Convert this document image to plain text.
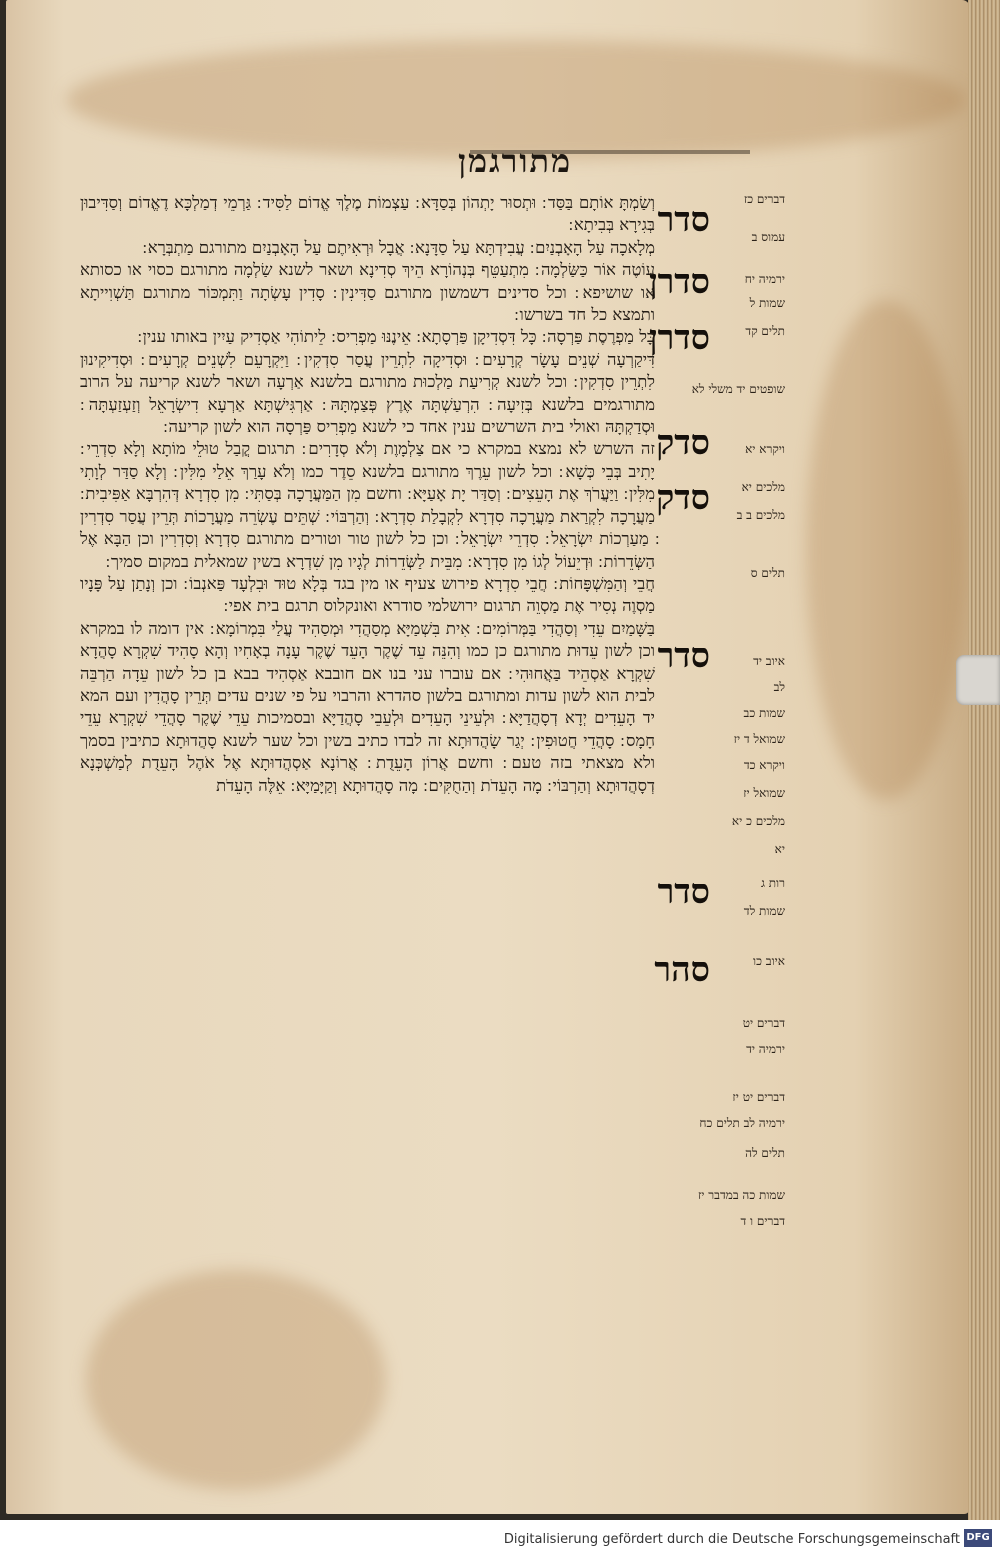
מתורגמן
סדר
סדרן
סדרן
סדק
סדק
סדר
סדר
סהר

וְשַׂמְתָּ אוֹתָם בַּסַּד ׃ וּתְסוּר יָתְהוֹן בְּסַדָּא ׃ עַצְמוֹת מֶלֶךְ אֱדוֹם לַסִּיד ׃ גַּרְמֵי דְמַלְכָּא דֶאֱדוֹם וְסַדִּיבוּן בְּגִירָא בְּבִיתָא ׃

מְלָאכָה עַל הָאָבְנַיִם ׃ עֲבִידְתָּא עַל סַדָּנָא ׃ אֲבָל וּרְאִיתֶם עַל הָאָבְנַיִם מתורגם מַתְבְּרָא ׃

עוֹטֶה אוֹר כַּשַּׂלְמָה ׃ מִתְעַטֵּף בְּנְהוֹרָא הֵיךְ סְדִינָא ושאר לשנא שַׂלְמָה מתורגם כסוי או כסותא או שושיפא ׃ וכל סדינים דשמשון מתורגם סַדִּינִין ׃ סָדִין עָשְׂתָה וַתִּמְכּוֹר מתורגם תַּשְׁוִייתָא ותמצא כל חד בשרשו ׃

כָּל מַפְרֶסֶת פַּרְסָה ׃ כָּל דִּסְדִיקָן פַּרְסָתָא ׃ אֵינֶנּוּ מַפְרִיס ׃ לֵיתוֹהִי אַסְדִיק עַיִין באותו ענין ׃

דִּיקַרְעָה שְׁנֵים עָשָׂר קְרָעִים ׃ וּסְדִיקָה לִתְרֵין עֲסַר סִדְקִין ׃ וַיִּקְרָעֵם לִשְׁנֵים קְרָעִים ׃ וּסְדִיקִינוּן לִתְרֵין סִדְקִין ׃ וכל לשנא קְרִיעַת מַלְכוּת מתורגם בלשנא אַרְעָה ושאר לשנא קריעה על הרוב מתורגמים בלשנא בְּזִיעָה ׃ הִרְעַשְׁתָּה אֶרֶץ פְּצַמְתָּהּ ׃ אַרְגִּישְׁתָּא אַרְעָא דִישְׂרָאֵל וְזַעְזַעְתָּה ׃ וּסְדַקְתָּהּ ואולי בית השרשים ענין אחד כי לשנא מַפְרִיס פַּרְסָה הוא לשון קריעה ׃

זה השרש לא נמצא במקרא כי אם צַלְמָוֶת וְלֹא סְדָרִים ׃ תרגום קֳבַל טוּלֵי מוֹתָא וְלָא סִדְרֵי ׃ יָתִיב בְּבֵי כְּשָׁא ׃ וכל לשון עֵרֶךְ מתורגם בלשנא סֵדֶר כמו וְלֹא עָרַךְ אֵלַי מִלִּין ׃ וְלָא סַדַּר לְוָתִי מִלִּין ׃ וַיַּעֲרֹךְ אֶת הָעֵצִים ׃ וְסַדַּר יָת אָעַיָּא ׃ וחשם מִן הַמַּעֲרָכָה בְּסַתִּי ׃ מִן סִדְרָא דְּהִרְבָּא אַפִּיבִית ׃ מַעֲרָכָה לִקְרַאת מַעֲרָכָה סִדְרָא לִקְבָלַת סִדְרָא ׃ וְהַרְבּוֹי ׃ שְׁתֵּים עֶשְׂרֵה מַעֲרָכוֹת תְּרֵין עֲסַר סִדְרִין ׃ מַעַרְכוֹת יִשְׂרָאֵל ׃ סִדְרֵי יִשְׂרָאֵל ׃ וכן כל לשון טור וטורים מתורגם סִדְרָא וְסִדְרִין וכן הַבָּא אֶל הַשְּׂדֵרוֹת ׃ וּדְיֵעוֹל לְגוֹ מִן סִדְרָא ׃ מִבֵּית לַשְּׂדֵרוֹת לְגָיו מִן שִׁדְרָא בשין שמאלית במקום סמיך ׃

חֲבֵי וְהַמִּשְׁפָּחוֹת ׃ חֲבֵי סִדְרָא פירוש צעיף או מין בגד בְּלָא טוּד וּבִלְעָד פַּאנְבוֹ ׃ וכן וְנָתַן עַל פָּנָיו מַסְוֶה נְסִיר אֶת מַסְוֵה תרגום ירושלמי סודרא ואונקלוס תרגם בית אפי ׃

בַּשָּׁמַיִם עֵדִי וְסַהֲדִי בַּמְּרוֹמִים ׃ אִית בִּשְׁמַיָּא מְסַהֲדִי וּמְסַהִיד עֲלַי בִּמְרוֹמָא ׃ אין דומה לו במקרא וכן לשון עֵדוּת מתורגם כן כמו וְהִנֵּה עֵד שֶׁקֶר הָעֵד שֶׁקֶר עָנָה בְאָחִיו וְהָא סָהִיד שִׁקְרָא סָהֲדָא שִׁקְרָא אַסְהֵיד בַּאֲחוּהִי ׃ אם עוברו עני בנו אם חובבא אַסְהִיד בבא בן כל לשון עֵדָה הַרְבֵּה לבית הוא לשון עדות ומתורגם בלשון סהדרא והרבוי על פי שנים עדים תְּרֵין סָהֲדִין ועם המא יד הָעֵדִים יְדָא דְסָהֲדַיָּא ׃ וּלְעֵינֵי הָעֵדִים וּלְעֵבֵי סָהֲדַיָּא ובסמיכות עֵדֵי שֶׁקֶר סָהֲדֵי שִׁקְרָא עֵדֵי חָמָס ׃ סָהֲדֵי חֲטוּפִין ׃ יְגַר שָׂהֲדוּתָא זה לבדו כתיב בשין וכל שער לשנא סָהֲדוּתָא כתיבין בסמך ולא מצאתי בזה טעם ׃ וחשם אֲרוֹן הָעֵדֻת ׃ אֲרוֹנָא אַסְהֲדוּתָא אֶל אֹהֶל הָעֵדֻת לְמַשְׁכְּנָא דְסָהֲדוּתָא וְהַרְבּוֹי ׃ מָה הָעֵדֹת וְהַחֻקִּים ׃ מָה סָהֲדוּתָא וְקַיָּמַיָּא ׃ אֵלֶּה הָעֵדֹת

דברים כז
עמוס ב
ירמיה יח
שמות ל
תלים קד
שופטים יד משלי לא
ויקרא יא
מלכים יא
מלכים ב ב
תלים ס
איוב יד
לב
שמות כב
שמואל ד יז
ויקרא כד
שמואל יז
מלכים כ יא
יא
רות ג
שמות לד
איוב כו
דברים יט
ירמיה יד
דברים יט יז
ירמיה לב תלים כח
תלים לה
שמות כה במדבר יז
דברים ו ד
Digitalisierung gefördert durch die Deutsche Forschungsgemeinschaft DFG
